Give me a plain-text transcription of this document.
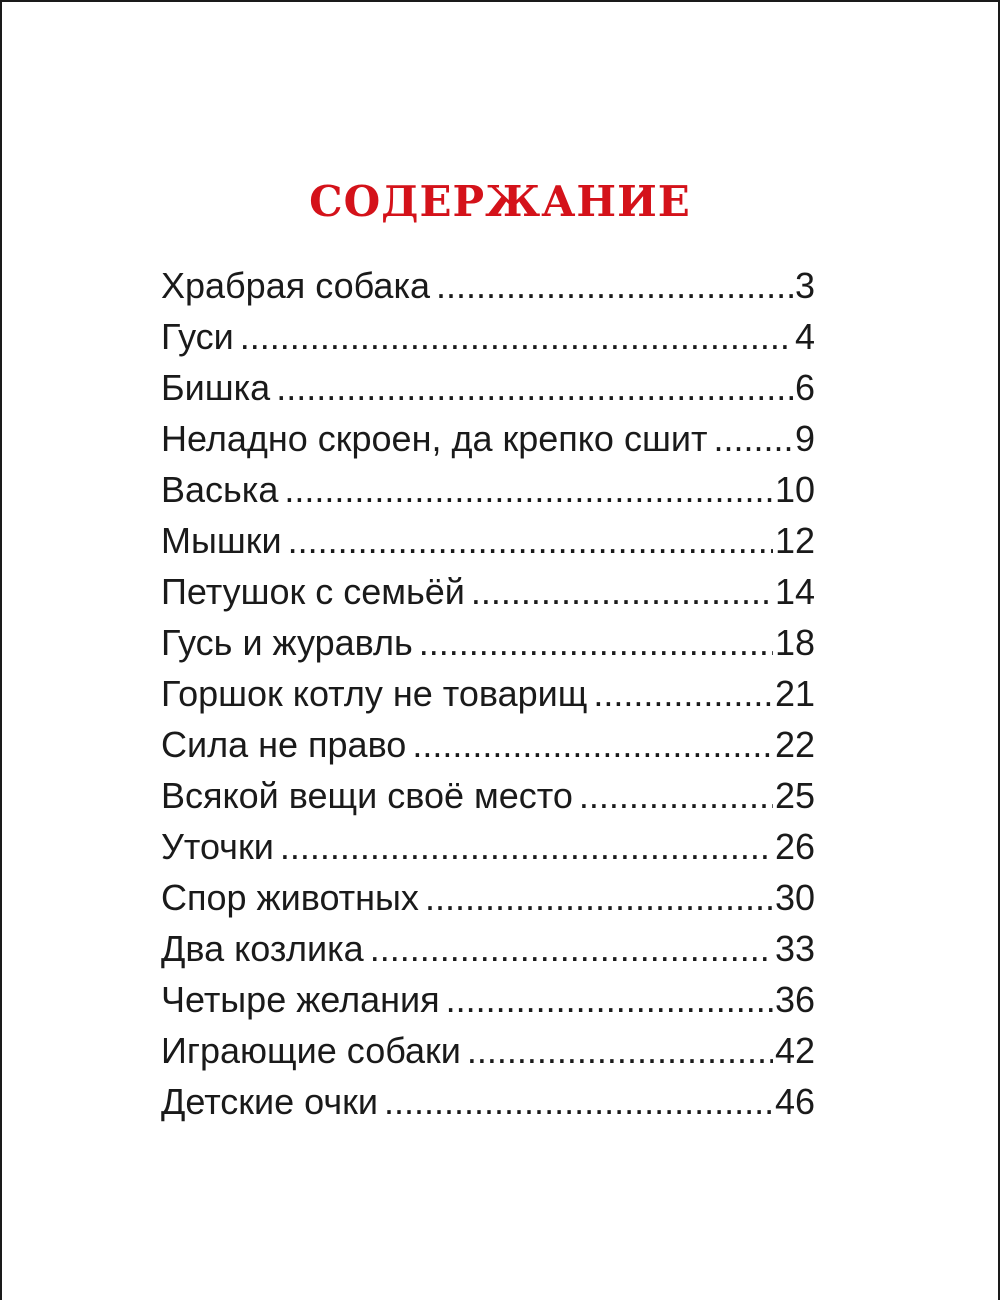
СОДЕРЖАНИЕ
Храбрая собака .....	3
Гуси .....	4
Бишка .....	6
Неладно скроен, да крепко сшит ..... 9
Васька .....	10
Мышки .....	12
Петушок с семьёй .....	14
Гусь и журавль .....	18
Горшок котлу не товарищ .....	21
Сила не право .....	22
Всякой вещи своё место .....	25
Уточки .....	26
Спор животных .....	30
Два козлика .....	33
Четыре желания .....	36
Играющие собаки .....	42
Детские очки .....	46
